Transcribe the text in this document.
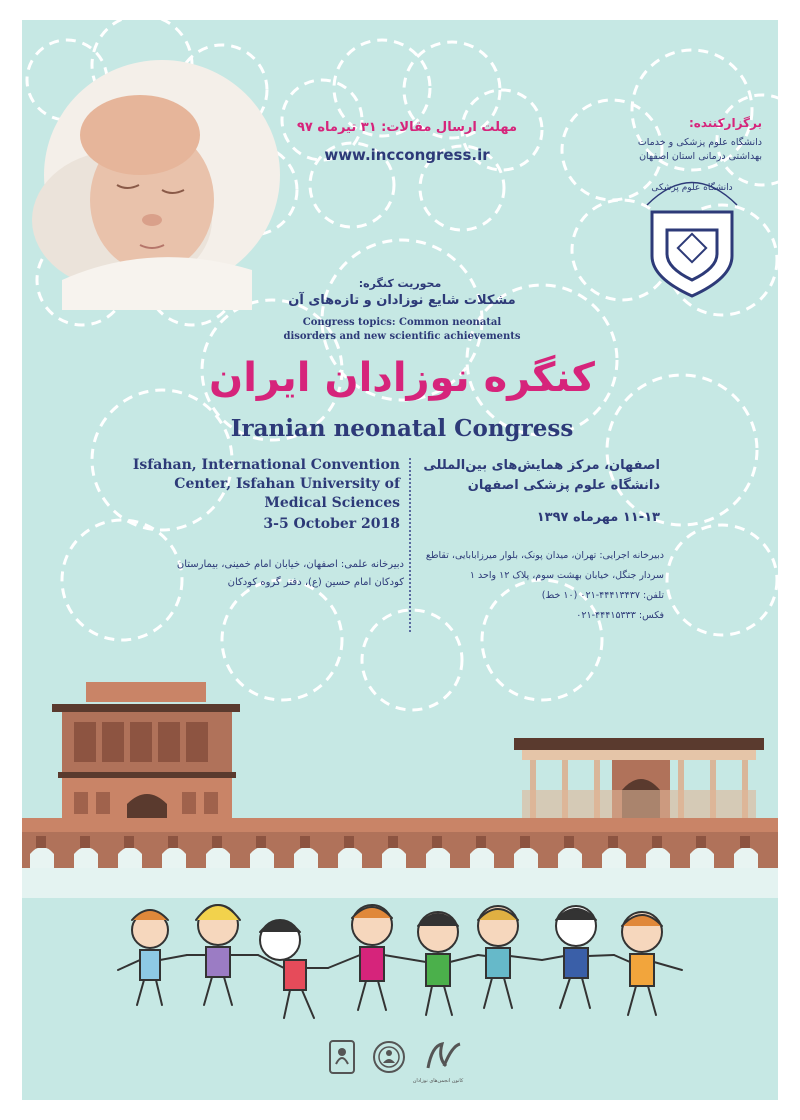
دانشگاه علوم پزشکی

مهلت ارسال مقالات: ۳۱ تیرماه ۹۷

www.inccongress.ir

برگزارکننده:

دانشگاه علوم پزشکی و خدمات بهداشتی درمانی استان اصفهان

محوریت کنگره:

مشکلات شایع نوزادان و تازه‌های آن

Congress topics: Common neonatal
disorders and new scientific achievements
کنگره نوزادان ایران
Iranian neonatal Congress
Isfahan, International Convention
Center, Isfahan University of
Medical Sciences

3-5 October 2018

دبیرخانه علمی: اصفهان، خیابان امام خمینی، بیمارستان
کودکان امام حسین (ع)، دفتر گروه کودکان
اصفهان، مرکز همایش‌های بین‌المللی
دانشگاه علوم پزشکی اصفهان

۱۱-۱۳ مهرماه ۱۳۹۷

دبیرخانه اجرایی: تهران، میدان پونک، بلوار میرزابابایی، تقاطع
سردار جنگل، خیابان بهشت سوم، پلاک ۱۲ واحد ۱
تلفن: ۴۴۴۱۳۴۳۷-۰۲۱ (۱۰ خط)
فکس: ۴۴۴۱۵۳۳۳-۰۲۱
کانون انجمن‌های نوزادان
